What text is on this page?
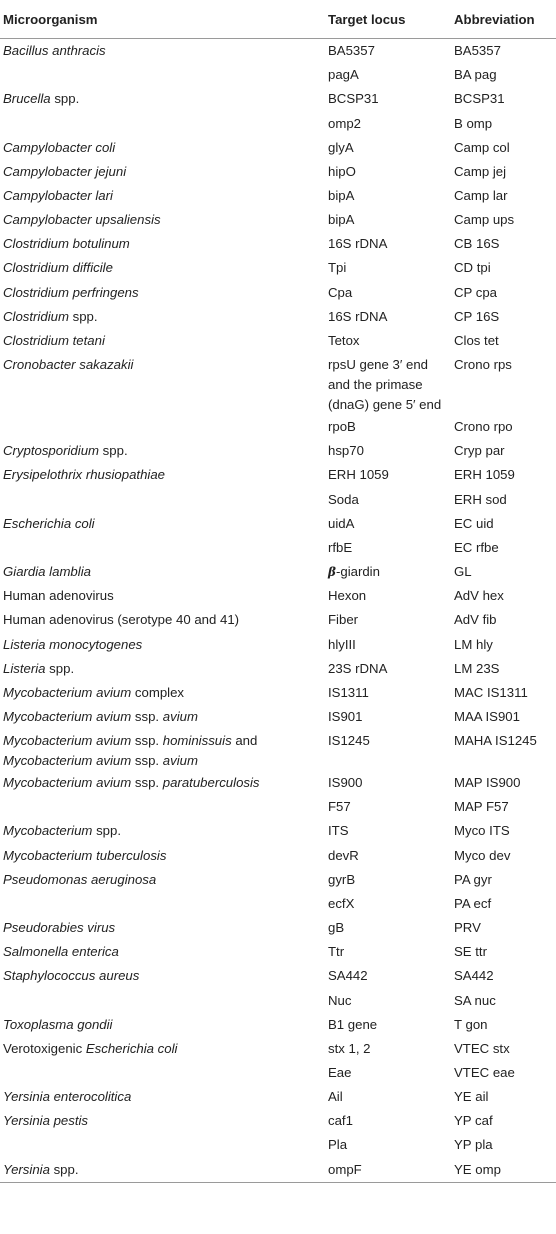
Microorganism	Target locus	Abbreviation
Bacillus anthracis	BA5357	BA5357
	pagA	BA pag
Brucella spp.	BCSP31	BCSP31
	omp2	B omp
Campylobacter coli	glyA	Camp col
Campylobacter jejuni	hipO	Camp jej
Campylobacter lari	bipA	Camp lar
Campylobacter upsaliensis	bipA	Camp ups
Clostridium botulinum	16S rDNA	CB 16S
Clostridium difficile	Tpi	CD tpi
Clostridium perfringens	Cpa	CP cpa
Clostridium spp.	16S rDNA	CP 16S
Clostridium tetani	Tetox	Clos tet
Cronobacter sakazakii	rpsU gene 3′ end and the primase (dnaG) gene 5′ end	Crono rps
	rpoB	Crono rpo
Cryptosporidium spp.	hsp70	Cryp par
Erysipelothrix rhusiopathiae	ERH 1059	ERH 1059
	Soda	ERH sod
Escherichia coli	uidA	EC uid
	rfbE	EC rfbe
Giardia lamblia	β-giardin	GL
Human adenovirus	Hexon	AdV hex
Human adenovirus (serotype 40 and 41)	Fiber	AdV fib
Listeria monocytogenes	hlyIII	LM hly
Listeria spp.	23S rDNA	LM 23S
Mycobacterium avium complex	IS1311	MAC IS1311
Mycobacterium avium ssp. avium	IS901	MAA IS901
Mycobacterium avium ssp. hominissuis and Mycobacterium avium ssp. avium	IS1245	MAHA IS1245
Mycobacterium avium ssp. paratuberculosis	IS900	MAP IS900
	F57	MAP F57
Mycobacterium spp.	ITS	Myco ITS
Mycobacterium tuberculosis	devR	Myco dev
Pseudomonas aeruginosa	gyrB	PA gyr
	ecfX	PA ecf
Pseudorabies virus	gB	PRV
Salmonella enterica	Ttr	SE ttr
Staphylococcus aureus	SA442	SA442
	Nuc	SA nuc
Toxoplasma gondii	B1 gene	T gon
Verotoxigenic Escherichia coli	stx 1, 2	VTEC stx
	Eae	VTEC eae
Yersinia enterocolitica	Ail	YE ail
Yersinia pestis	caf1	YP caf
	Pla	YP pla
Yersinia spp.	ompF	YE omp
